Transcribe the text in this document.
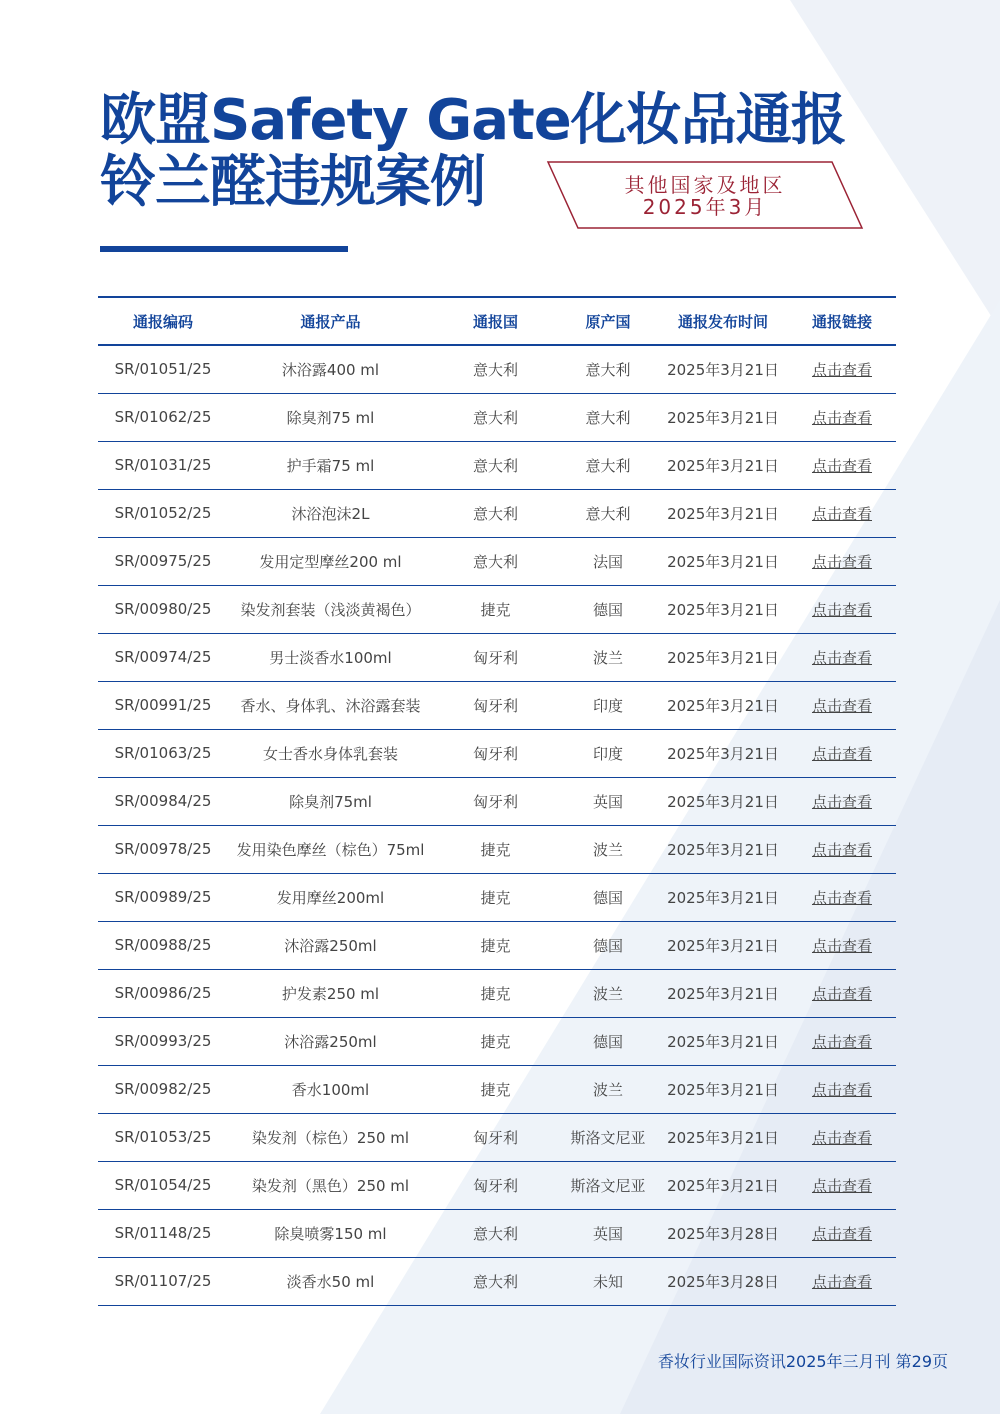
欧盟Safety Gate化妆品通报
铃兰醛违规案例	其他国家及地区
2025年3月
通报编码	通报产品	通报国	原产国	通报发布时间	通报链接
SR/01051/25	沐浴露400 ml	意大利	意大利	2025年3月21日	点击查看
SR/01062/25	除臭剂75 ml	意大利	意大利	2025年3月21日	点击查看
SR/01031/25	护手霜75 ml	意大利	意大利	2025年3月21日	点击查看
SR/01052/25	沐浴泡沫2L	意大利	意大利	2025年3月21日	点击查看
SR/00975/25	发用定型摩丝200 ml	意大利	法国	2025年3月21日	点击查看
SR/00980/25	染发剂套装（浅淡黄褐色）	捷克	德国	2025年3月21日	点击查看
SR/00974/25	男士淡香水100ml	匈牙利	波兰	2025年3月21日	点击查看
SR/00991/25	香水、身体乳、沐浴露套装	匈牙利	印度	2025年3月21日	点击查看
SR/01063/25	女士香水身体乳套装	匈牙利	印度	2025年3月21日	点击查看
SR/00984/25	除臭剂75ml	匈牙利	英国	2025年3月21日	点击查看
SR/00978/25	发用染色摩丝（棕色）75ml	捷克	波兰	2025年3月21日	点击查看
SR/00989/25	发用摩丝200ml	捷克	德国	2025年3月21日	点击查看
SR/00988/25	沐浴露250ml	捷克	德国	2025年3月21日	点击查看
SR/00986/25	护发素250 ml	捷克	波兰	2025年3月21日	点击查看
SR/00993/25	沐浴露250ml	捷克	德国	2025年3月21日	点击查看
SR/00982/25	香水100ml	捷克	波兰	2025年3月21日	点击查看
SR/01053/25	染发剂（棕色）250 ml	匈牙利	斯洛文尼亚	2025年3月21日	点击查看
SR/01054/25	染发剂（黑色）250 ml	匈牙利	斯洛文尼亚	2025年3月21日	点击查看
SR/01148/25	除臭喷雾150 ml	意大利	英国	2025年3月28日	点击查看
SR/01107/25	淡香水50 ml	意大利	未知	2025年3月28日	点击查看
香妆行业国际资讯2025年三月刊 第29页
